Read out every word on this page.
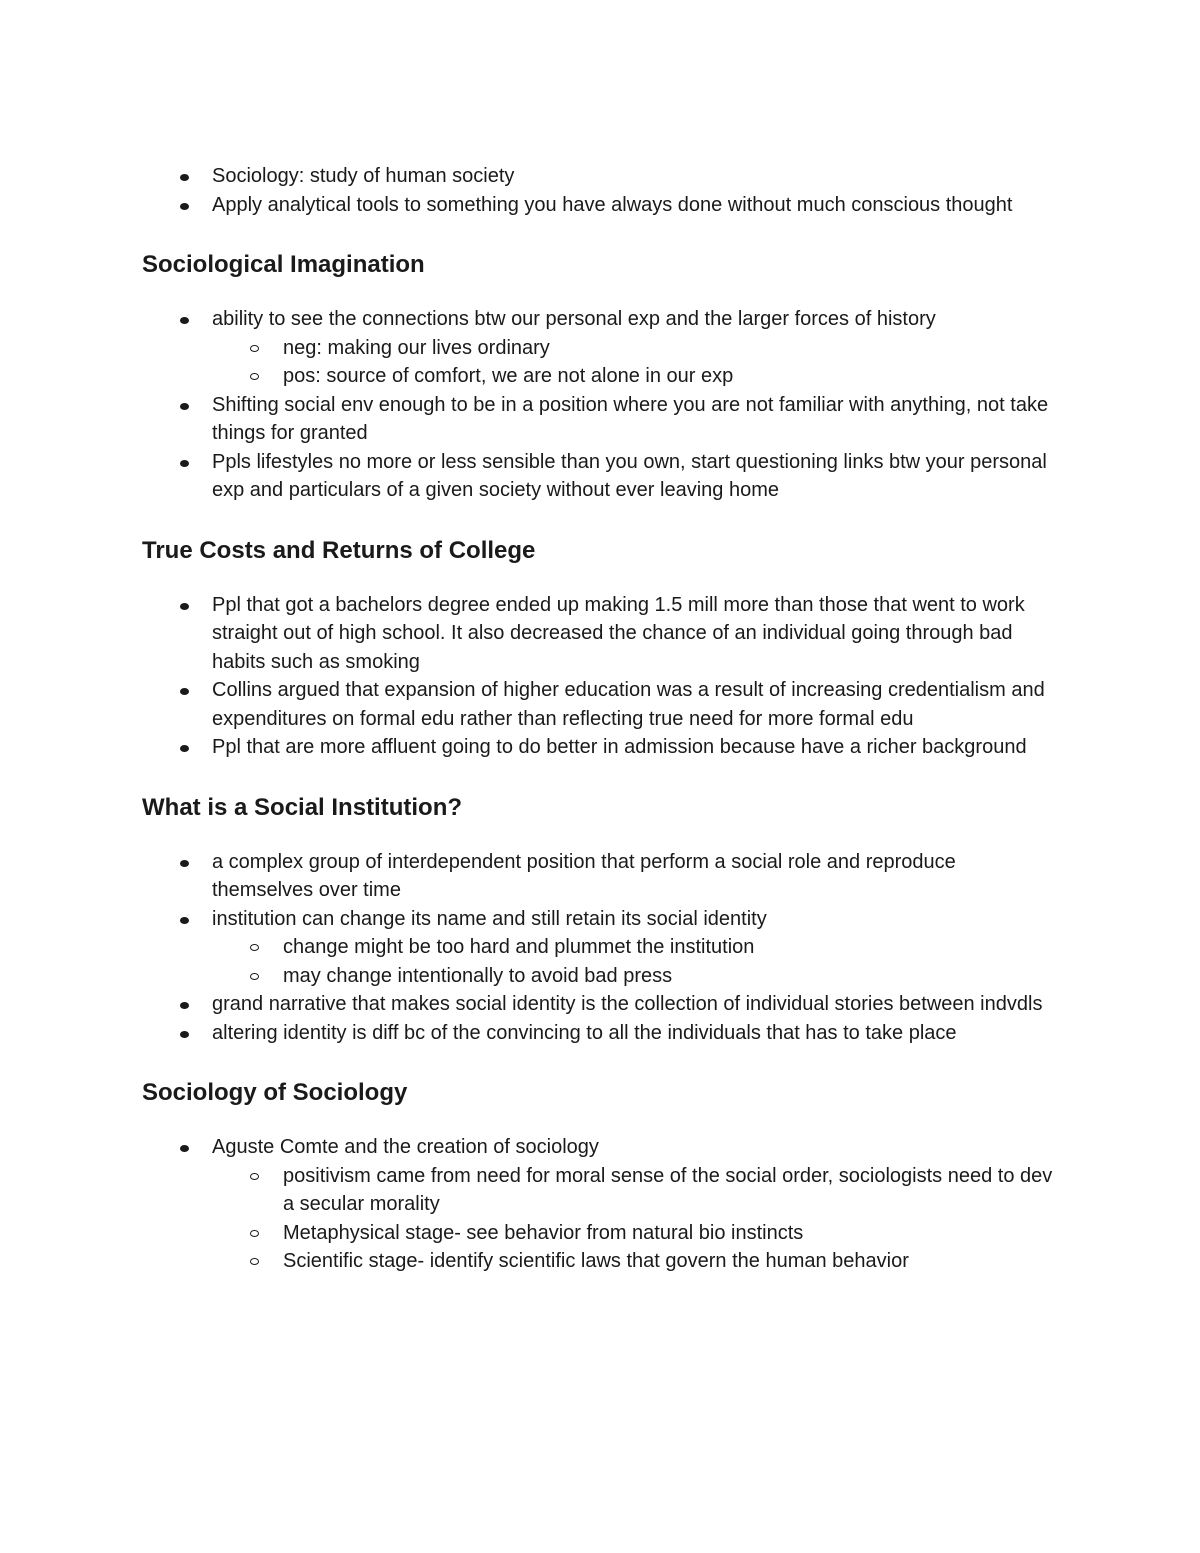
Sociology: study of human society
Apply analytical tools to something you have always done without much conscious thought
Sociological Imagination
ability to see the connections btw our personal exp and the larger forces of history
neg: making our lives ordinary
pos: source of comfort, we are not alone in our exp
Shifting social env enough to be in a position where you are not familiar with anything, not take things for granted
Ppls lifestyles no more or less sensible than you own, start questioning links btw your personal exp and particulars of a given society without ever leaving home
True Costs and Returns of College
Ppl that got a bachelors degree ended up making 1.5 mill more than those that went to work straight out of high school. It also decreased the chance of an individual going through bad habits such as smoking
Collins argued that expansion of higher education was a result of increasing credentialism and expenditures on formal edu rather than reflecting true need for more formal edu
Ppl that are more affluent going to do better in admission because have a richer background
What is a Social Institution?
a complex group of interdependent position that perform a social role and reproduce themselves over time
institution can change its name and still retain its social identity
change might be too hard and plummet the institution
may change intentionally to avoid bad press
grand narrative that makes social identity is the collection of individual stories between indvdls
altering identity is diff bc of the convincing to all the individuals that has to take place
Sociology of Sociology
Aguste Comte and the creation of sociology
positivism came from need for moral sense of the social order, sociologists need to dev a secular morality
Metaphysical stage- see behavior from natural bio instincts
Scientific stage- identify scientific laws that govern the human behavior
